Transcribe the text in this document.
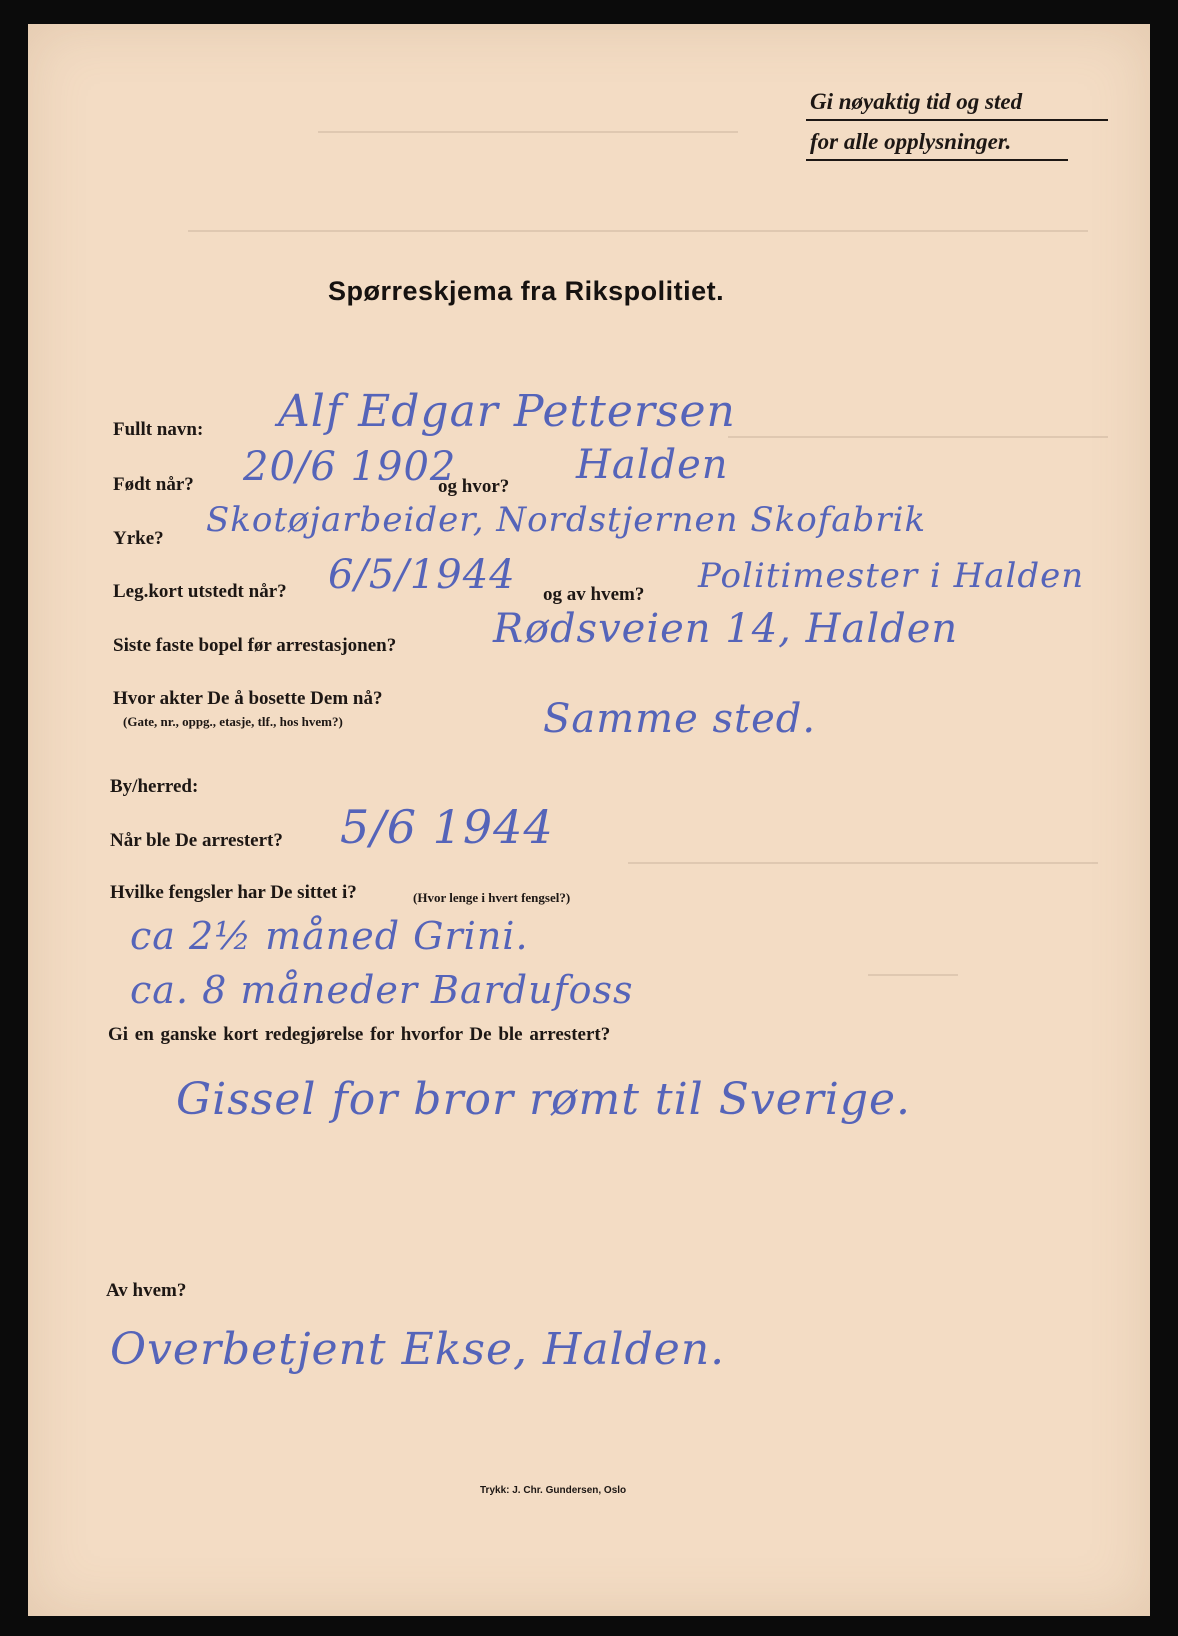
Gi nøyaktig tid og sted
for alle opplysninger.
Spørreskjema fra Rikspolitiet.
Fullt navn: Alf Edgar Pettersen
Født når? 20/6 1902
og hvor? Halden
Yrke? Skotøjarbeider, Nordstjernen Skofabrik
Leg.kort utstedt når? 6/5/1944 og av hvem? Politimester i Halden
Siste faste bopel før arrestasjonen? Rødsveien 14, Halden
Hvor akter De å bosette Dem nå?
(Gate, nr., oppg., etasje, tlf., hos hvem?)	Samme sted.
By/herred:
Når ble De arrestert? 5/6 1944
Hvilke fengsler har De sittet i?	(Hvor lenge i hvert fengsel?)
ca 2½ måned Grini.
ca. 8 måneder Bardufoss
Gi en ganske kort redegjørelse for hvorfor De ble arrestert?
Gissel for bror rømt til Sverige.
Av hvem?
Overbetjent Ekse, Halden.
Trykk: J. Chr. Gundersen, Oslo
